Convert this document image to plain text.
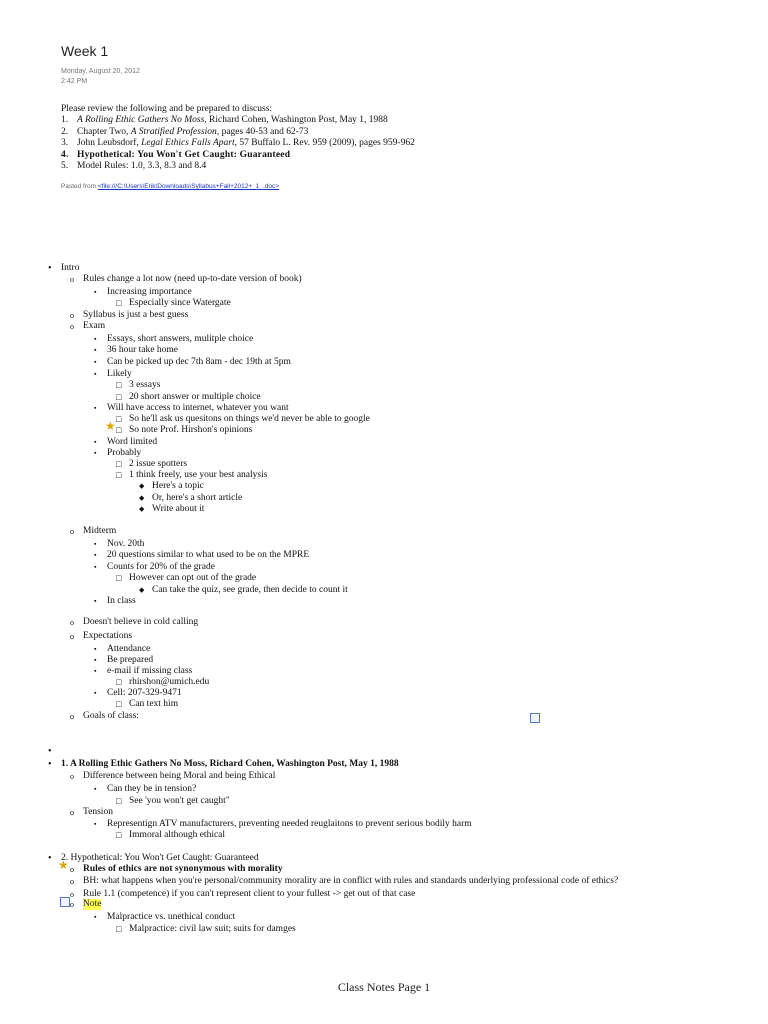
Week 1
Monday, August 20, 2012
2:42 PM
Please review the following and be prepared to discuss:
1. A Rolling Ethic Gathers No Moss, Richard Cohen, Washington Post, May 1, 1988
2. Chapter Two, A Stratified Profession, pages 40-53 and 62-73
3. John Leubsdorf, Legal Ethics Falls Apart, 57 Buffalo L. Rev. 959 (2009), pages 959-962
4. Hypothetical: You Won't Get Caught: Guaranteed
5. Model Rules: 1.0, 3.3, 8.3 and 8.4
Pasted from <file:///C:\Users\Erik\Downloads\Syllabus+Fall+2012+_1_.doc>
• Intro
o Rules change a lot now (need up-to-date version of book)
▪ Increasing importance
□ Especially since Watergate
o Syllabus is just a best guess
o Exam
▪ Essays, short answers, mulitple choice
▪ 36 hour take home
▪ Can be picked up dec 7th 8am - dec 19th at 5pm
▪ Likely
□ 3 essays
□ 20 short answer or multiple choice
▪ Will have access to internet, whatever you want
□ So he'll ask us quesitons on things we'd never be able to google
□ So note Prof. Hirshon's opinions
▪ Word limited
▪ Probably
□ 2 issue spotters
□ 1 think freely, use your best analysis
◆ Here's a topic
◆ Or, here's a short article
◆ Write about it
o Midterm
▪ Nov. 20th
▪ 20 questions similar to what used to be on the MPRE
▪ Counts for 20% of the grade
□ However can opt out of the grade
◆ Can take the quiz, see grade, then decide to count it
▪ In class
o Doesn't believe in cold calling
o Expectations
▪ Attendance
▪ Be prepared
▪ e-mail if missing class
□ rhirshon@umich.edu
▪ Cell: 207-329-9471
□ Can text him
o Goals of class:
•
• 1. A Rolling Ethic Gathers No Moss, Richard Cohen, Washington Post, May 1, 1988
o Difference between being Moral and being Ethical
▪ Can they be in tension?
□ See 'you won't get caught"
o Tension
▪ Representign ATV manufacturers, preventing needed reuglaitons to prevent serious bodily harm
□ Immoral although ethical
• 2. Hypothetical: You Won't Get Caught: Guaranteed
o Rules of ethics are not synonymous with morality
o BH: what happens when you're personal/community morality are in conflict with rules and standards underlying professional code of ethics?
o Rule 1.1 (competence) if you can't represent client to your fullest -> get out of that case
o Note
▪ Malpractice vs. unethical conduct
□ Malpractice: civil law suit; suits for damges
★
★
Class Notes Page 1
